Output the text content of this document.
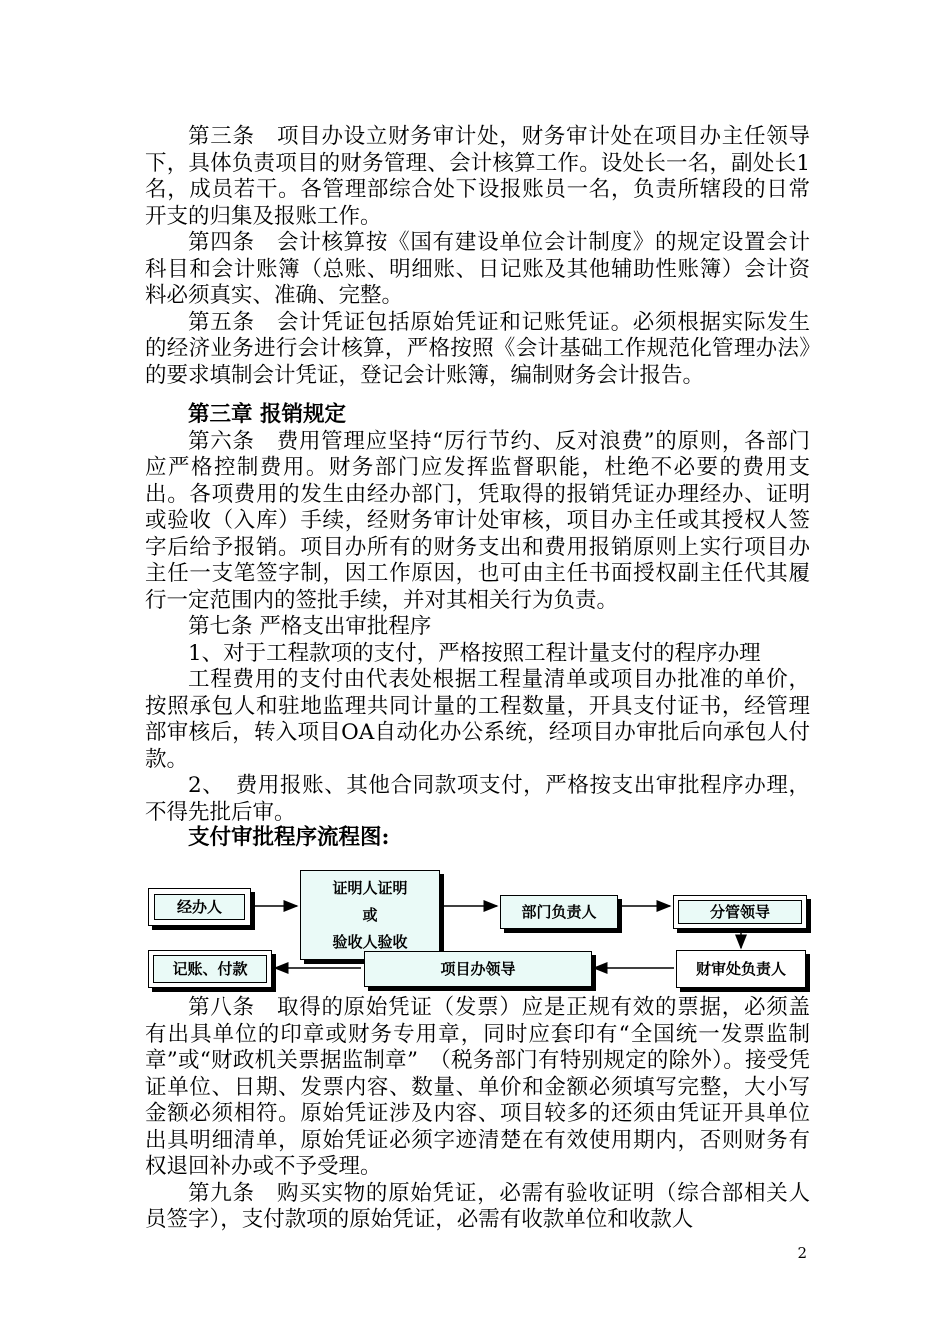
第三条　项目办设立财务审计处，财务审计处在项目办主任领导下，具体负责项目的财务管理、会计核算工作。设处长一名，副处长1名，成员若干。各管理部综合处下设报账员一名，负责所辖段的日常开支的归集及报账工作。

第四条　会计核算按《国有建设单位会计制度》的规定设置会计科目和会计账簿（总账、明细账、日记账及其他辅助性账簿）会计资料必须真实、准确、完整。

第五条　会计凭证包括原始凭证和记账凭证。必须根据实际发生的经济业务进行会计核算，严格按照《会计基础工作规范化管理办法》的要求填制会计凭证，登记会计账簿，编制财务会计报告。

第三章 报销规定

第六条　费用管理应坚持“厉行节约、反对浪费”的原则，各部门应严格控制费用。财务部门应发挥监督职能，杜绝不必要的费用支出。各项费用的发生由经办部门，凭取得的报销凭证办理经办、证明或验收（入库）手续，经财务审计处审核，项目办主任或其授权人签字后给予报销。项目办所有的财务支出和费用报销原则上实行项目办主任一支笔签字制，因工作原因，也可由主任书面授权副主任代其履行一定范围内的签批手续，并对其相关行为负责。

第七条 严格支出审批程序

1、对于工程款项的支付，严格按照工程计量支付的程序办理

工程费用的支付由代表处根据工程量清单或项目办批准的单价，按照承包人和驻地监理共同计量的工程数量，开具支付证书，经管理部审核后，转入项目OA自动化办公系统，经项目办审批后向承包人付款。

2、　费用报账、其他合同款项支付，严格按支出审批程序办理，不得先批后审。

支付审批程序流程图:

经办人
证明人证明
或
验收人验收
部门负责人	分管领导
财审处负责人
项目办领导
记账、付款

第八条　取得的原始凭证（发票）应是正规有效的票据，必须盖有出具单位的印章或财务专用章，同时应套印有“全国统一发票监制章”或“财政机关票据监制章”　（税务部门有特别规定的除外）。接受凭证单位、日期、发票内容、数量、单价和金额必须填写完整，大小写金额必须相符。原始凭证涉及内容、项目较多的还须由凭证开具单位出具明细清单，原始凭证必须字迹清楚在有效使用期内，否则财务有权退回补办或不予受理。

第九条　购买实物的原始凭证，必需有验收证明（综合部相关人员签字），支付款项的原始凭证，必需有收款单位和收款人

2
